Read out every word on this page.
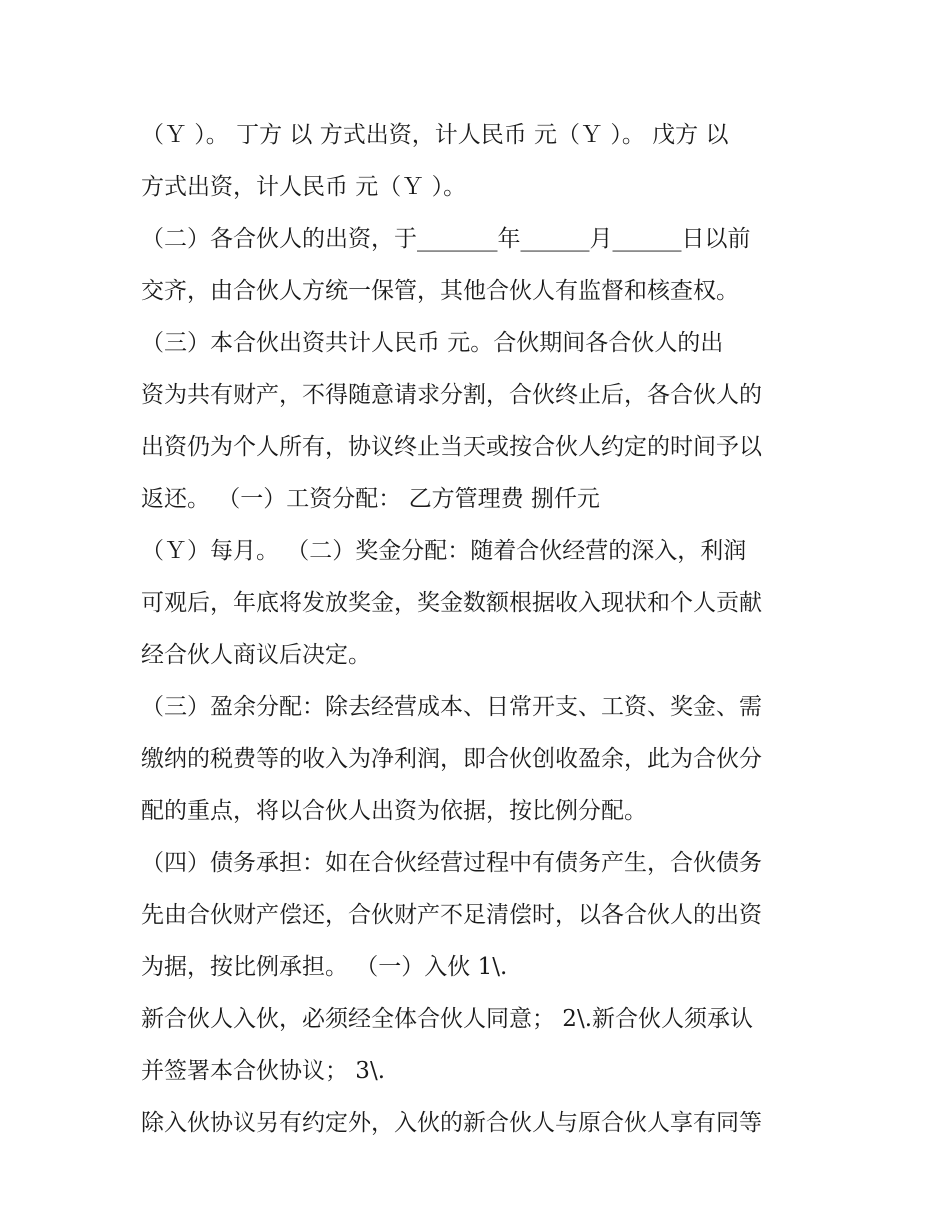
（Ｙ ）。 丁方 以 方式出资，计人民币 元（Ｙ ）。 戊方 以
方式出资，计人民币 元（Ｙ ）。
（二）各合伙人的出资，于_______年______月______日以前
交齐，由合伙人方统一保管，其他合伙人有监督和核查权。
（三）本合伙出资共计人民币 元。合伙期间各合伙人的出
资为共有财产，不得随意请求分割，合伙终止后，各合伙人的
出资仍为个人所有，协议终止当天或按合伙人约定的时间予以
返还。 （一）工资分配： 乙方管理费 捌仟元
（Ｙ）每月。 （二）奖金分配：随着合伙经营的深入，利润
可观后，年底将发放奖金，奖金数额根据收入现状和个人贡献
经合伙人商议后决定。
（三）盈余分配：除去经营成本、日常开支、工资、奖金、需
缴纳的税费等的收入为净利润，即合伙创收盈余，此为合伙分
配的重点，将以合伙人出资为依据，按比例分配。
（四）债务承担：如在合伙经营过程中有债务产生，合伙债务
先由合伙财产偿还，合伙财产不足清偿时，以各合伙人的出资
为据，按比例承担。 （一）入伙 1\.
新合伙人入伙，必须经全体合伙人同意； 2\.新合伙人须承认
并签署本合伙协议； 3\.
除入伙协议另有约定外，入伙的新合伙人与原合伙人享有同等
